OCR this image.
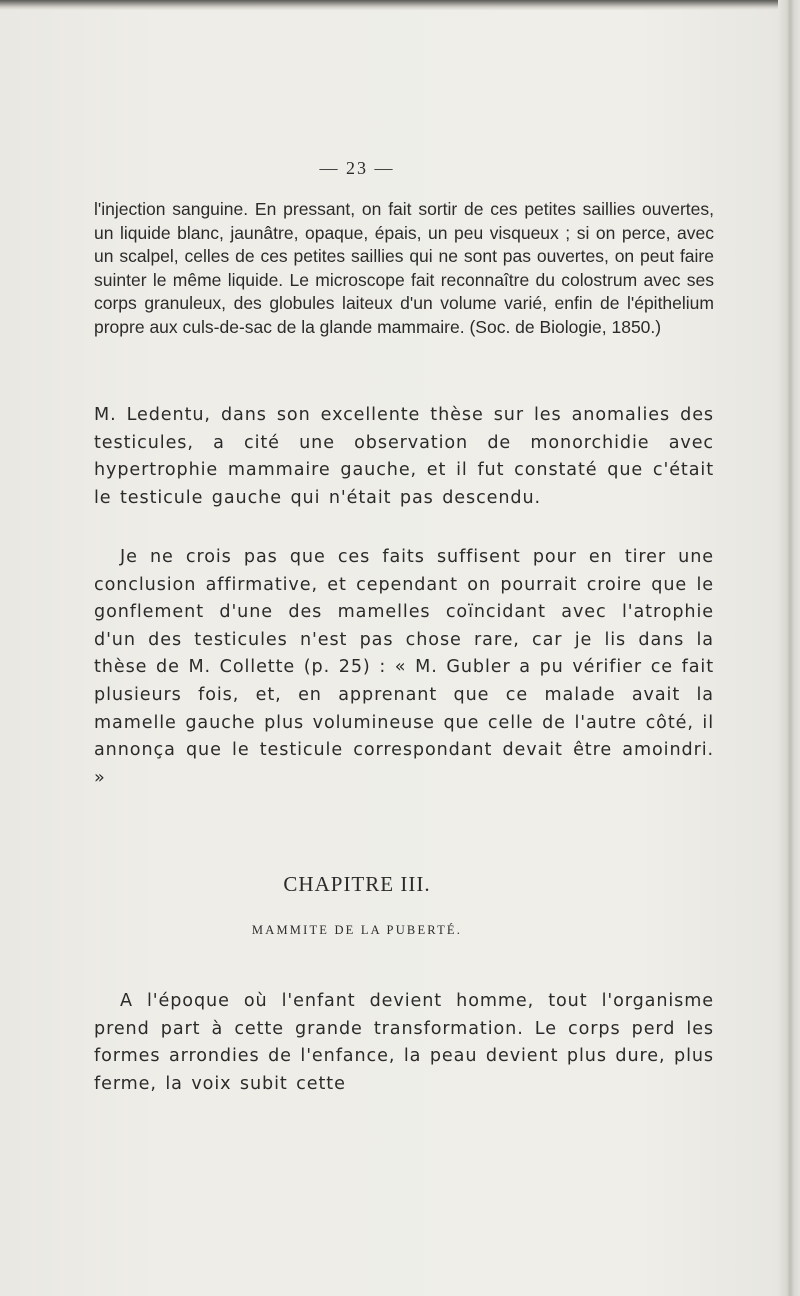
— 23 —

l'injection sanguine. En pressant, on fait sortir de ces petites saillies ouvertes, un liquide blanc, jaunâtre, opaque, épais, un peu visqueux ; si on perce, avec un scalpel, celles de ces petites saillies qui ne sont pas ouvertes, on peut faire suinter le même liquide. Le microscope fait reconnaître du colostrum avec ses corps granuleux, des globules laiteux d'un volume varié, enfin de l'épithelium propre aux culs-de-sac de la glande mammaire. (Soc. de Biologie, 1850.)

M. Ledentu, dans son excellente thèse sur les anomalies des testicules, a cité une observation de monorchidie avec hypertrophie mammaire gauche, et il fut constaté que c'était le testicule gauche qui n'était pas descendu.

Je ne crois pas que ces faits suffisent pour en tirer une conclusion affirmative, et cependant on pourrait croire que le gonflement d'une des mamelles coïncidant avec l'atrophie d'un des testicules n'est pas chose rare, car je lis dans la thèse de M. Collette (p. 25) : « M. Gubler a pu vérifier ce fait plusieurs fois, et, en apprenant que ce malade avait la mamelle gauche plus volumineuse que celle de l'autre côté, il annonça que le testicule correspondant devait être amoindri. »

CHAPITRE III.
MAMMITE DE LA PUBERTÉ.

A l'époque où l'enfant devient homme, tout l'organisme prend part à cette grande transformation. Le corps perd les formes arrondies de l'enfance, la peau devient plus dure, plus ferme, la voix subit cette
